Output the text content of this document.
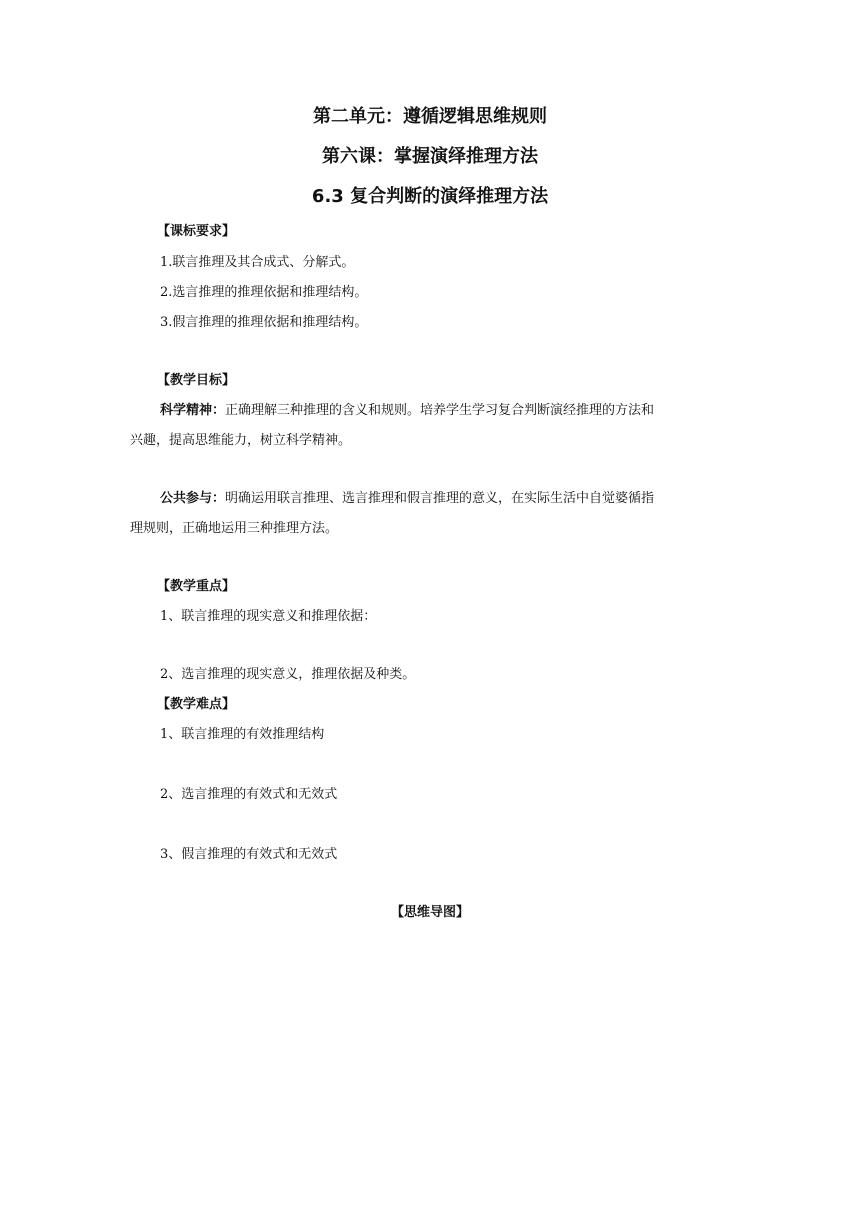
第二单元：遵循逻辑思维规则
第六课：掌握演绎推理方法
6.3 复合判断的演绎推理方法
【课标要求】
1.联言推理及其合成式、分解式。
2.选言推理的推理依据和推理结构。
3.假言推理的推理依据和推理结构。
【教学目标】
科学精神：正确理解三种推理的含义和规则。培养学生学习复合判断演经推理的方法和
兴趣，提高思维能力，树立科学精神。
公共参与：明确运用联言推理、选言推理和假言推理的意义，在实际生活中自觉婆循指
理规则，正确地运用三种推理方法。
【教学重点】
1、联言推理的现实意义和推理依据：
2、选言推理的现实意义，推理依据及种类。
【教学难点】
1、联言推理的有效推理结构
2、选言推理的有效式和无效式
3、假言推理的有效式和无效式
【思维导图】
